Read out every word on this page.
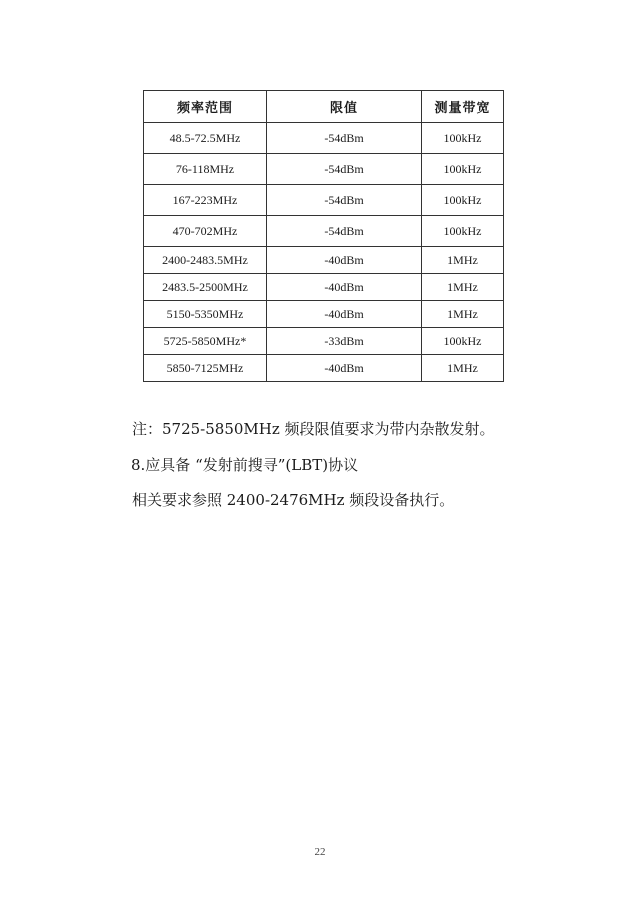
频率范围	限值	测量带宽
48.5-72.5MHz	-54dBm	100kHz
76-118MHz	-54dBm	100kHz
167-223MHz	-54dBm	100kHz
470-702MHz	-54dBm	100kHz
2400-2483.5MHz	-40dBm	1MHz
2483.5-2500MHz	-40dBm	1MHz
5150-5350MHz	-40dBm	1MHz
5725-5850MHz*	-33dBm	100kHz
5850-7125MHz	-40dBm	1MHz
注：5725-5850MHz 频段限值要求为带内杂散发射。
8.应具备 “发射前搜寻”(LBT)协议
相关要求参照 2400-2476MHz 频段设备执行。
22
